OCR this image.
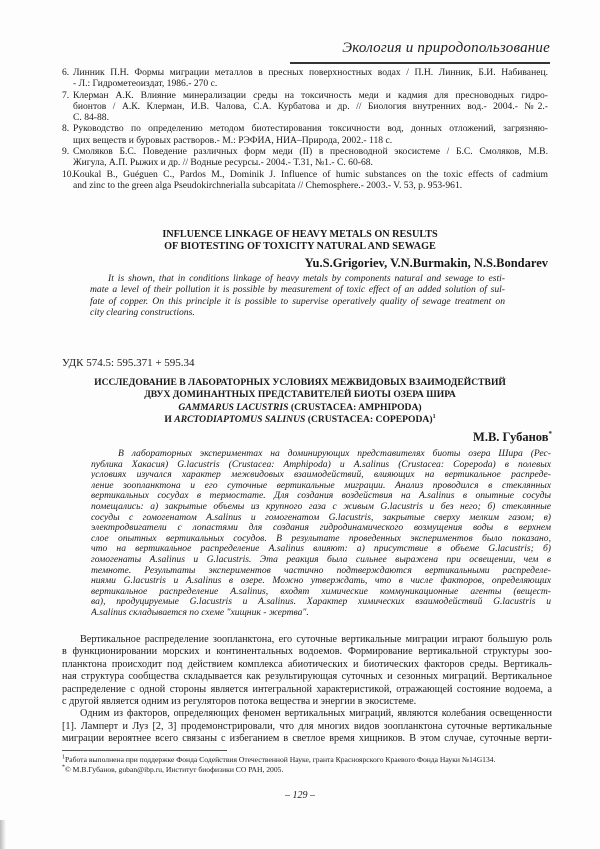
Экология и природопользование
6. Линник П.Н. Формы миграции металлов в пресных поверхностных водах / П.Н. Линник, Б.И. Набиванец.
- Л.: Гидрометеоиздат, 1986.- 270 с.
7. Клерман А.К. Влияние минерализации среды на токсичность меди и кадмия для пресноводных гидро-
бионтов / А.К. Клерман, И.В. Чалова, С.А. Курбатова и др. // Биология внутренних вод.- 2004.- №2.-
С. 84-88.
8. Руководство по определению методом биотестирования токсичности вод, донных отложений, загрязняю-
щих веществ и буровых растворов.- М.: РЭФИА, НИА–Природа, 2002.- 118 с.
9. Смоляков Б.С. Поведение различных форм меди (II) в пресноводной экосистеме / Б.С. Смоляков, М.В.
Жигула, А.П. Рыжих и др. // Водные ресурсы.- 2004.- Т.31, №1.- С. 60-68.
10. Koukal B., Guéguen C., Pardos M., Dominik J. Influence of humic substances on the toxic effects of cadmium
and zinc to the green alga Pseudokirchnerialla subcapitata // Chemosphere.- 2003.- V. 53, p. 953-961.
INFLUENCE LINKAGE OF HEAVY METALS ON RESULTS
OF BIOTESTING OF TOXICITY NATURAL AND SEWAGE
Yu.S.Grigoriev, V.N.Burmakin, N.S.Bondarev
It is shown, that in conditions linkage of heavy metals by components natural and sewage to esti-
mate a level of their pollution it is possible by measurement of toxic effect of an added solution of sul-
fate of copper. On this principle it is possible to supervise operatively quality of sewage treatment on
city clearing constructions.
УДК 574.5: 595.371 + 595.34
ИССЛЕДОВАНИЕ В ЛАБОРАТОРНЫХ УСЛОВИЯХ МЕЖВИДОВЫХ ВЗАИМОДЕЙСТВИЙ
ДВУХ ДОМИНАНТНЫХ ПРЕДСТАВИТЕЛЕЙ БИОТЫ ОЗЕРА ШИРА
GAMMARUS LACUSTRIS (CRUSTACEA: AMPHIPODA)
И ARCTODIAPTOMUS SALINUS (CRUSTACEA: COPEPODA)$^1$
М.В. Губанов*
В лабораторных экспериментах на доминирующих представителях биоты озера Шира (Рес-
публика Хакасия) G.lacustris (Crustacea: Amphipoda) и A.salinus (Crustacea: Copepoda) в полевых
условиях изучался характер межвидовых взаимодействий, влияющих на вертикальное распреде-
ление зоопланктона и его суточные вертикальные миграции. Анализ проводился в стеклянных
вертикальных сосудах в термостате. Для создания воздействия на A.salinus в опытные сосуды
помещались: а) закрытые объемы из крупного газа с живым G.lacustris и без него; б) стеклянные
сосуды с гомогенатом A.salinus и гомогенатом G.lacustris, закрытые сверху мелким газом; в)
электродвигатели с лопастями для создания гидродинамического возмущения воды в верхнем
слое опытных вертикальных сосудов. В результате проведенных экспериментов было показано,
что на вертикальное распределение A.salinus влияют: а) присутствие в объеме G.lacustris; б)
гомогенаты A.salinus и G.lacustris. Эта реакция была сильнее выражена при освещении, чем в
темноте. Результаты экспериментов частично подтверждаются вертикальными распределе-
ниями G.lacustris и A.salinus в озере. Можно утверждать, что в числе факторов, определяющих
вертикальное распределение A.salinus, входят химические коммуникационные агенты (вещест-
ва), продуцируемые G.lacustris и A.salinus. Характер химических взаимодействий G.lacustris и
A.salinus складывается по схеме "хищник - жертва".
Вертикальное распределение зоопланктона, его суточные вертикальные миграции играют большую роль
в функционировании морских и континентальных водоемов. Формирование вертикальной структуры зоо-
планктона происходит под действием комплекса абиотических и биотических факторов среды. Вертикаль-
ная структура сообщества складывается как результирующая суточных и сезонных миграций. Вертикальное
распределение с одной стороны является интегральной характеристикой, отражающей состояние водоема, а
с другой является одним из регуляторов потока вещества и энергии в экосистеме.
Одним из факторов, определяющих феномен вертикальных миграций, являются колебания освещенности
[1]. Ламперт и Луз [2, 3] продемонстрировали, что для многих видов зоопланктона суточные вертикальные
миграции вероятнее всего связаны с избеганием в светлое время хищников. В этом случае, суточные верти-
$^1$Работа выполнена при поддержке Фонда Содействия Отечественной Науке, гранта Красноярского Краевого Фонда Науки №14G134.
*© М.В.Губанов, guban@ibp.ru, Институт биофизики СО РАН, 2005.
– 129 –
